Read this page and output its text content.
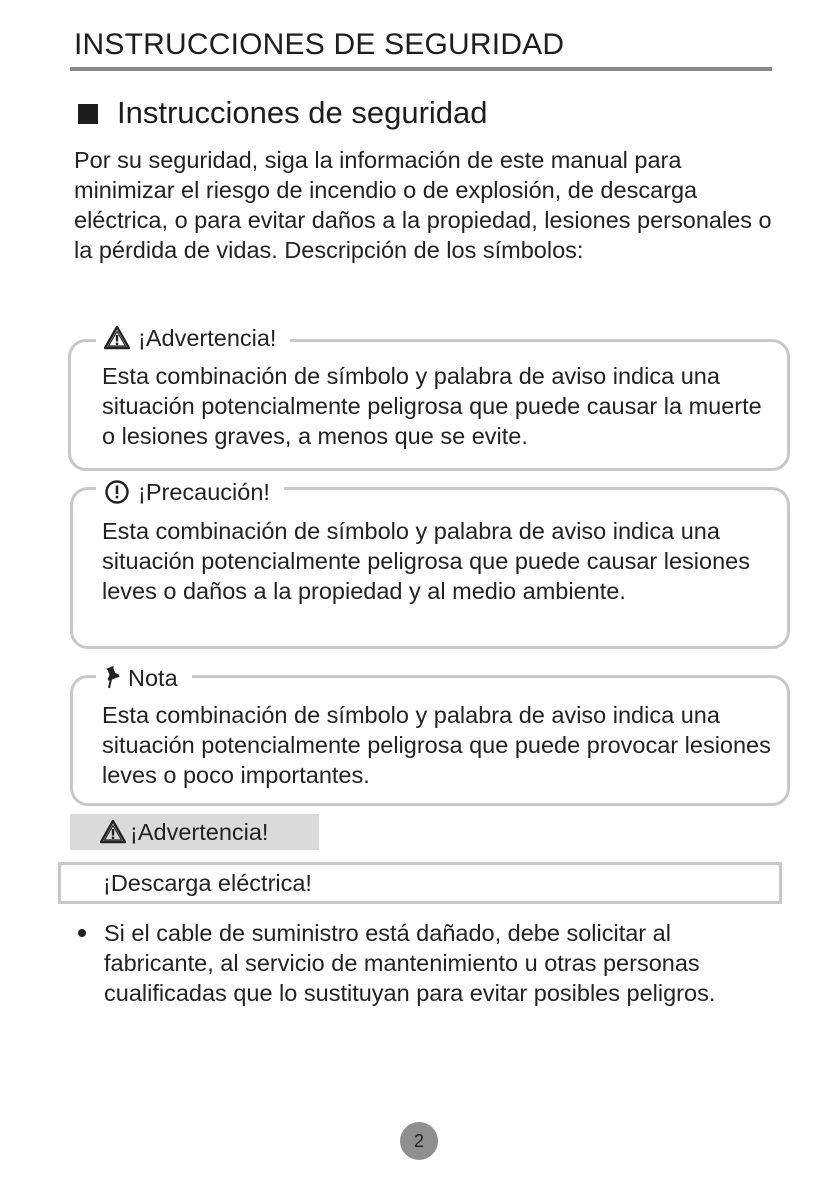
INSTRUCCIONES DE SEGURIDAD
Instrucciones de seguridad
Por su seguridad, siga la información de este manual para minimizar el riesgo de incendio o de explosión, de descarga eléctrica, o para evitar daños a la propiedad, lesiones personales o la pérdida de vidas. Descripción de los símbolos:
¡Advertencia!
Esta combinación de símbolo y palabra de aviso indica una situación potencialmente peligrosa que puede causar la muerte o lesiones graves, a menos que se evite.
¡Precaución!
Esta combinación de símbolo y palabra de aviso indica una situación potencialmente peligrosa que puede causar lesiones leves o daños a la propiedad y al medio ambiente.
Nota
Esta combinación de símbolo y palabra de aviso indica una situación potencialmente peligrosa que puede provocar lesiones leves o poco importantes.
¡Advertencia!
¡Descarga eléctrica!
Si el cable de suministro está dañado, debe solicitar al fabricante, al servicio de mantenimiento u otras personas cualificadas que lo sustituyan para evitar posibles peligros.
2
